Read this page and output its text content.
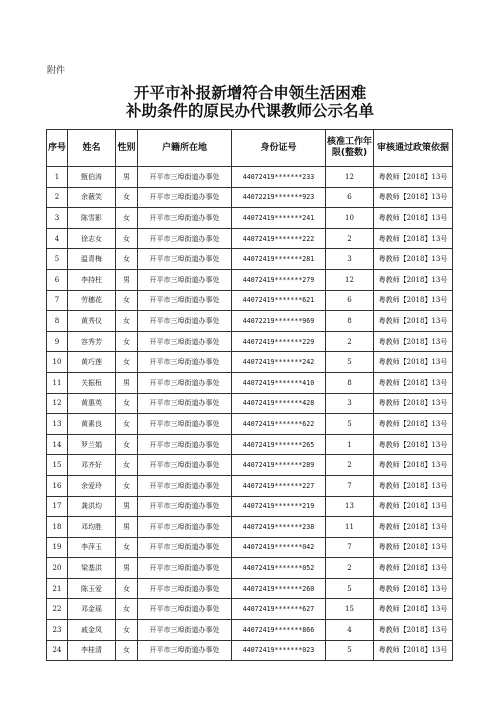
附件
开平市补报新增符合申领生活困难
补助条件的原民办代课教师公示名单
序号	姓名	性别	户籍所在地	身份证号	核准工作年限(整数)	审核通过政策依据
1	甄伯涛	男	开平市三埠街道办事处	44072419*******233	12	粤教师【2018】13号
2	余薇笑	女	开平市三埠街道办事处	44072219*******923	6	粤教师【2018】13号
3	陈雪影	女	开平市三埠街道办事处	44072419*******241	10	粤教师【2018】13号
4	徐志女	女	开平市三埠街道办事处	44072419*******222	2	粤教师【2018】13号
5	温青梅	女	开平市三埠街道办事处	44072419*******281	3	粤教师【2018】13号
6	李持柱	男	开平市三埠街道办事处	44072419*******279	12	粤教师【2018】13号
7	劳穗花	女	开平市三埠街道办事处	44072419*******621	6	粤教师【2018】13号
8	黄秀仪	女	开平市三埠街道办事处	44072219*******969	8	粤教师【2018】13号
9	容秀芳	女	开平市三埠街道办事处	44072419*******229	2	粤教师【2018】13号
10	黄巧莲	女	开平市三埠街道办事处	44072419*******242	5	粤教师【2018】13号
11	关振桓	男	开平市三埠街道办事处	44072419*******410	8	粤教师【2018】13号
12	黄惠英	女	开平市三埠街道办事处	44072419*******428	3	粤教师【2018】13号
13	黄素良	女	开平市三埠街道办事处	44072419*******622	5	粤教师【2018】13号
14	罗兰娟	女	开平市三埠街道办事处	44072419*******265	1	粤教师【2018】13号
15	邓齐好	女	开平市三埠街道办事处	44072419*******289	2	粤教师【2018】13号
16	余爱玲	女	开平市三埠街道办事处	44072419*******227	7	粤教师【2018】13号
17	龚洪均	男	开平市三埠街道办事处	44072419*******219	13	粤教师【2018】13号
18	邓均胜	男	开平市三埠街道办事处	44072419*******238	11	粤教师【2018】13号
19	李萍玉	女	开平市三埠街道办事处	44072419*******042	7	粤教师【2018】13号
20	梁基洪	男	开平市三埠街道办事处	44072419*******052	2	粤教师【2018】13号
21	陈玉爱	女	开平市三埠街道办事处	44072419*******260	5	粤教师【2018】13号
22	邓金瑶	女	开平市三埠街道办事处	44072419*******627	15	粤教师【2018】13号
23	戚金凤	女	开平市三埠街道办事处	44072419*******866	4	粤教师【2018】13号
24	李桂清	女	开平市三埠街道办事处	44072419*******023	5	粤教师【2018】13号
